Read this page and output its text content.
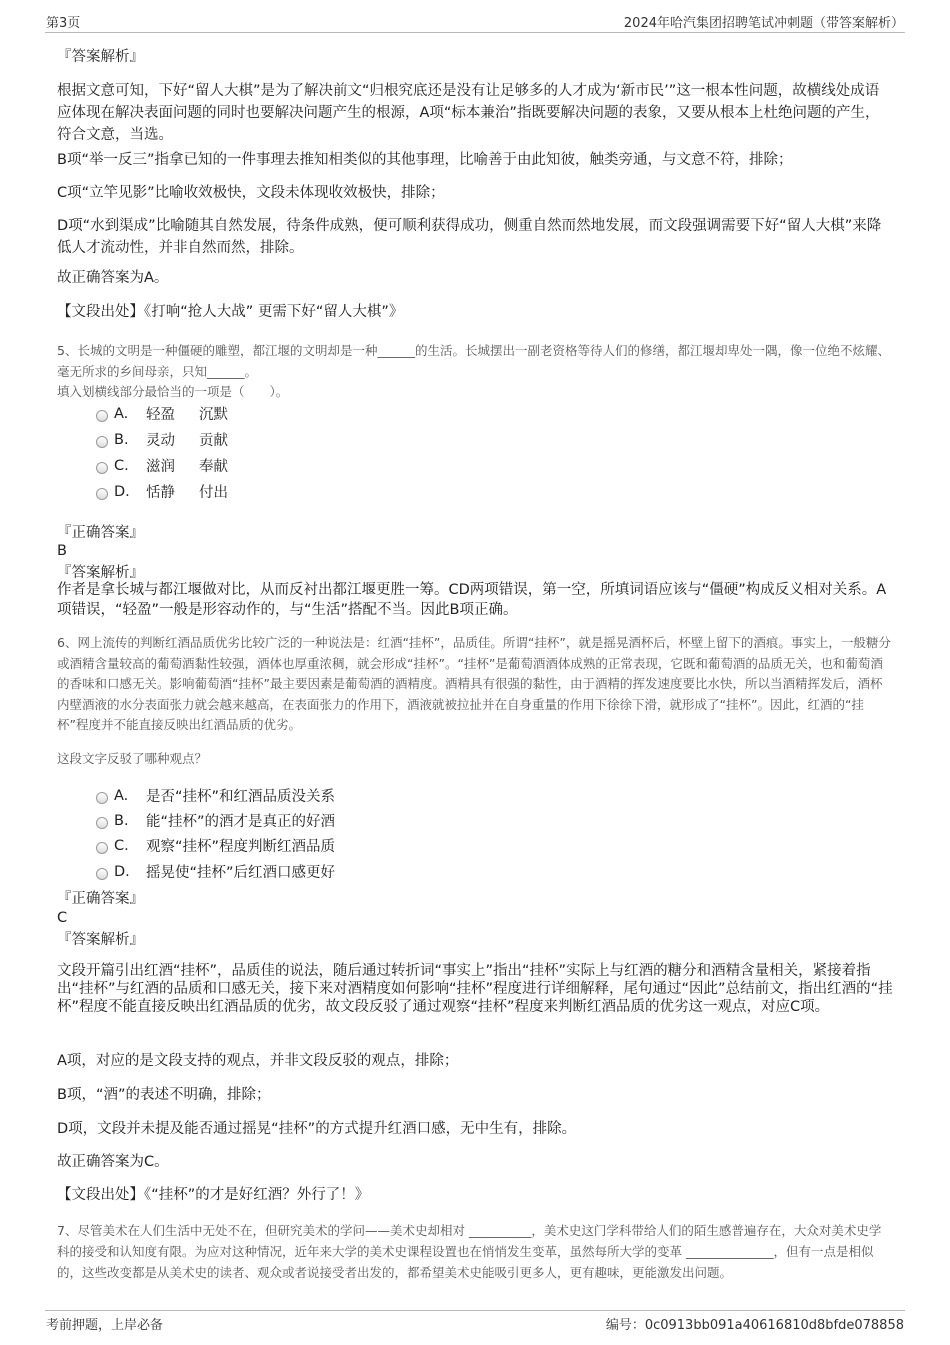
第3页	2024年哈汽集团招聘笔试冲刺题（带答案解析）
『答案解析』
根据文意可知，下好“留人大棋”是为了解决前文“归根究底还是没有让足够多的人才成为‘新市民’”这一根本性问题，故横线处成语应体现在解决表面问题的同时也要解决问题产生的根源，A项“标本兼治”指既要解决问题的表象，又要从根本上杜绝问题的产生，符合文意，当选。
B项“举一反三”指拿已知的一件事理去推知相类似的其他事理，比喻善于由此知彼，触类旁通，与文意不符，排除；
C项“立竿见影”比喻收效极快，文段未体现收效极快，排除；
D项“水到渠成”比喻随其自然发展，待条件成熟，便可顺利获得成功，侧重自然而然地发展，而文段强调需要下好“留人大棋”来降低人才流动性，并非自然而然，排除。
故正确答案为A。
【文段出处】《打响“抢人大战” 更需下好“留人大棋”》
5、长城的文明是一种僵硬的雕塑，都江堰的文明却是一种______的生活。长城摆出一副老资格等待人们的修缮，都江堰却卑处一隅，像一位绝不炫耀、毫无所求的乡间母亲，只知______。
填入划横线部分最恰当的一项是（　　）。
A.	轻盈 沉默
B.	灵动 贡献
C.	滋润 奉献
D.	恬静 付出
『正确答案』
B
『答案解析』
作者是拿长城与都江堰做对比，从而反衬出都江堰更胜一筹。CD两项错误，第一空，所填词语应该与“僵硬”构成反义相对关系。A项错误，“轻盈”一般是形容动作的，与“生活”搭配不当。因此B项正确。
6、网上流传的判断红酒品质优劣比较广泛的一种说法是：红酒“挂杯”，品质佳。所谓“挂杯”，就是摇晃酒杯后，杯壁上留下的酒痕。事实上，一般糖分或酒精含量较高的葡萄酒黏性较强，酒体也厚重浓稠，就会形成“挂杯”。“挂杯”是葡萄酒酒体成熟的正常表现，它既和葡萄酒的品质无关，也和葡萄酒的香味和口感无关。影响葡萄酒“挂杯”最主要因素是葡萄酒的酒精度。酒精具有很强的黏性，由于酒精的挥发速度要比水快，所以当酒精挥发后，酒杯内壁酒液的水分表面张力就会越来越高，在表面张力的作用下，酒液就被拉扯并在自身重量的作用下徐徐下滑，就形成了“挂杯”。因此，红酒的“挂杯”程度并不能直接反映出红酒品质的优劣。
这段文字反驳了哪种观点？
A.	是否“挂杯”和红酒品质没关系
B.	能“挂杯”的酒才是真正的好酒
C.	观察“挂杯”程度判断红酒品质
D.	摇晃使“挂杯”后红酒口感更好
『正确答案』
C
『答案解析』
文段开篇引出红酒“挂杯”，品质佳的说法，随后通过转折词“事实上”指出“挂杯”实际上与红酒的糖分和酒精含量相关，紧接着指出“挂杯”与红酒的品质和口感无关，接下来对酒精度如何影响“挂杯”程度进行详细解释，尾句通过“因此”总结前文，指出红酒的“挂杯”程度不能直接反映出红酒品质的优劣，故文段反驳了通过观察“挂杯”程度来判断红酒品质的优劣这一观点，对应C项。
A项，对应的是文段支持的观点，并非文段反驳的观点，排除；
B项，“酒”的表述不明确，排除；
D项，文段并未提及能否通过摇晃“挂杯”的方式提升红酒口感，无中生有，排除。
故正确答案为C。
【文段出处】《“挂杯”的才是好红酒？外行了！》
7、尽管美术在人们生活中无处不在，但研究美术的学问——美术史却相对 __________，美术史这门学科带给人们的陌生感普遍存在，大众对美术史学科的接受和认知度有限。为应对这种情况，近年来大学的美术史课程设置也在悄悄发生变革，虽然每所大学的变革 ______________，但有一点是相似的，这些改变都是从美术史的读者、观众或者说接受者出发的，都希望美术史能吸引更多人，更有趣味，更能激发出问题。
考前押题，上岸必备	编号：0c0913bb091a40616810d8bfde078858
